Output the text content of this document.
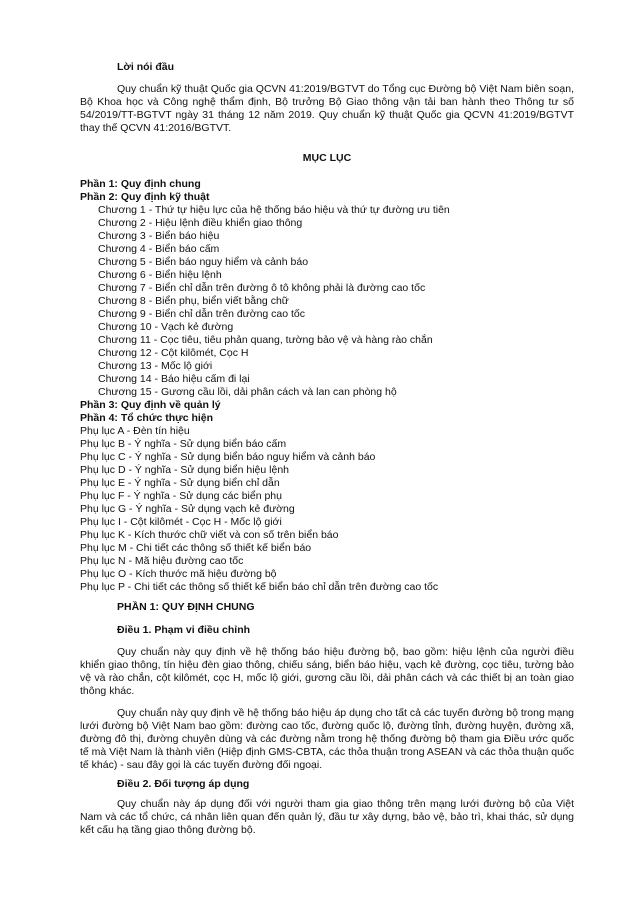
Lời nói đầu

Quy chuẩn kỹ thuật Quốc gia QCVN 41:2019/BGTVT do Tổng cục Đường bộ Việt Nam biên soạn, Bộ Khoa học và Công nghệ thẩm định, Bộ trưởng Bộ Giao thông vận tải ban hành theo Thông tư số 54/2019/TT-BGTVT ngày 31 tháng 12 năm 2019. Quy chuẩn kỹ thuật Quốc gia QCVN 41:2019/BGTVT thay thế QCVN 41:2016/BGTVT.

MỤC LỤC
Phần 1: Quy định chung
Phần 2: Quy định kỹ thuật
Chương 1 - Thứ tự hiệu lực của hệ thống báo hiệu và thứ tự đường ưu tiên
Chương 2 - Hiệu lệnh điều khiển giao thông
Chương 3 - Biển báo hiệu
Chương 4 - Biển báo cấm
Chương 5 - Biển báo nguy hiểm và cảnh báo
Chương 6 - Biển hiệu lệnh
Chương 7 - Biển chỉ dẫn trên đường ô tô không phải là đường cao tốc
Chương 8 - Biển phụ, biển viết bằng chữ
Chương 9 - Biển chỉ dẫn trên đường cao tốc
Chương 10 - Vạch kẻ đường
Chương 11 - Cọc tiêu, tiêu phản quang, tường bảo vệ và hàng rào chắn
Chương 12 - Cột kilômét, Cọc H
Chương 13 - Mốc lộ giới
Chương 14 - Báo hiệu cấm đi lại
Chương 15 - Gương cầu lồi, dải phân cách và lan can phòng hộ
Phần 3: Quy định về quản lý
Phần 4: Tổ chức thực hiện
Phụ lục A - Đèn tín hiệu
Phụ lục B - Ý nghĩa - Sử dụng biển báo cấm
Phụ lục C - Ý nghĩa - Sử dụng biển báo nguy hiểm và cảnh báo
Phụ lục D - Ý nghĩa - Sử dụng biển hiệu lệnh
Phụ lục E - Ý nghĩa - Sử dụng biển chỉ dẫn
Phụ lục F - Ý nghĩa - Sử dụng các biển phụ
Phụ lục G - Ý nghĩa - Sử dụng vạch kẻ đường
Phụ lục I - Cột kilômét - Cọc H - Mốc lộ giới
Phụ lục K - Kích thước chữ viết và con số trên biển báo
Phụ lục M - Chi tiết các thông số thiết kế biển báo
Phụ lục N - Mã hiệu đường cao tốc
Phụ lục O - Kích thước mã hiệu đường bộ
Phụ lục P - Chi tiết các thông số thiết kế biển báo chỉ dẫn trên đường cao tốc

PHẦN 1: QUY ĐỊNH CHUNG

Điều 1. Phạm vi điều chỉnh

Quy chuẩn này quy định về hệ thống báo hiệu đường bộ, bao gồm: hiệu lệnh của người điều khiển giao thông, tín hiệu đèn giao thông, chiếu sáng, biển báo hiệu, vạch kẻ đường, cọc tiêu, tường bảo vệ và rào chắn, cột kilômét, cọc H, mốc lộ giới, gương cầu lồi, dải phân cách và các thiết bị an toàn giao thông khác.

Quy chuẩn này quy định về hệ thống báo hiệu áp dụng cho tất cả các tuyến đường bộ trong mạng lưới đường bộ Việt Nam bao gồm: đường cao tốc, đường quốc lộ, đường tỉnh, đường huyện, đường xã, đường đô thị, đường chuyên dùng và các đường nằm trong hệ thống đường bộ tham gia Điều ước quốc tế mà Việt Nam là thành viên (Hiệp định GMS-CBTA, các thỏa thuận trong ASEAN và các thỏa thuận quốc tế khác) - sau đây gọi là các tuyến đường đối ngoại.

Điều 2. Đối tượng áp dụng

Quy chuẩn này áp dụng đối với người tham gia giao thông trên mạng lưới đường bộ của Việt Nam và các tổ chức, cá nhân liên quan đến quản lý, đầu tư xây dựng, bảo vệ, bảo trì, khai thác, sử dụng kết cấu hạ tầng giao thông đường bộ.
